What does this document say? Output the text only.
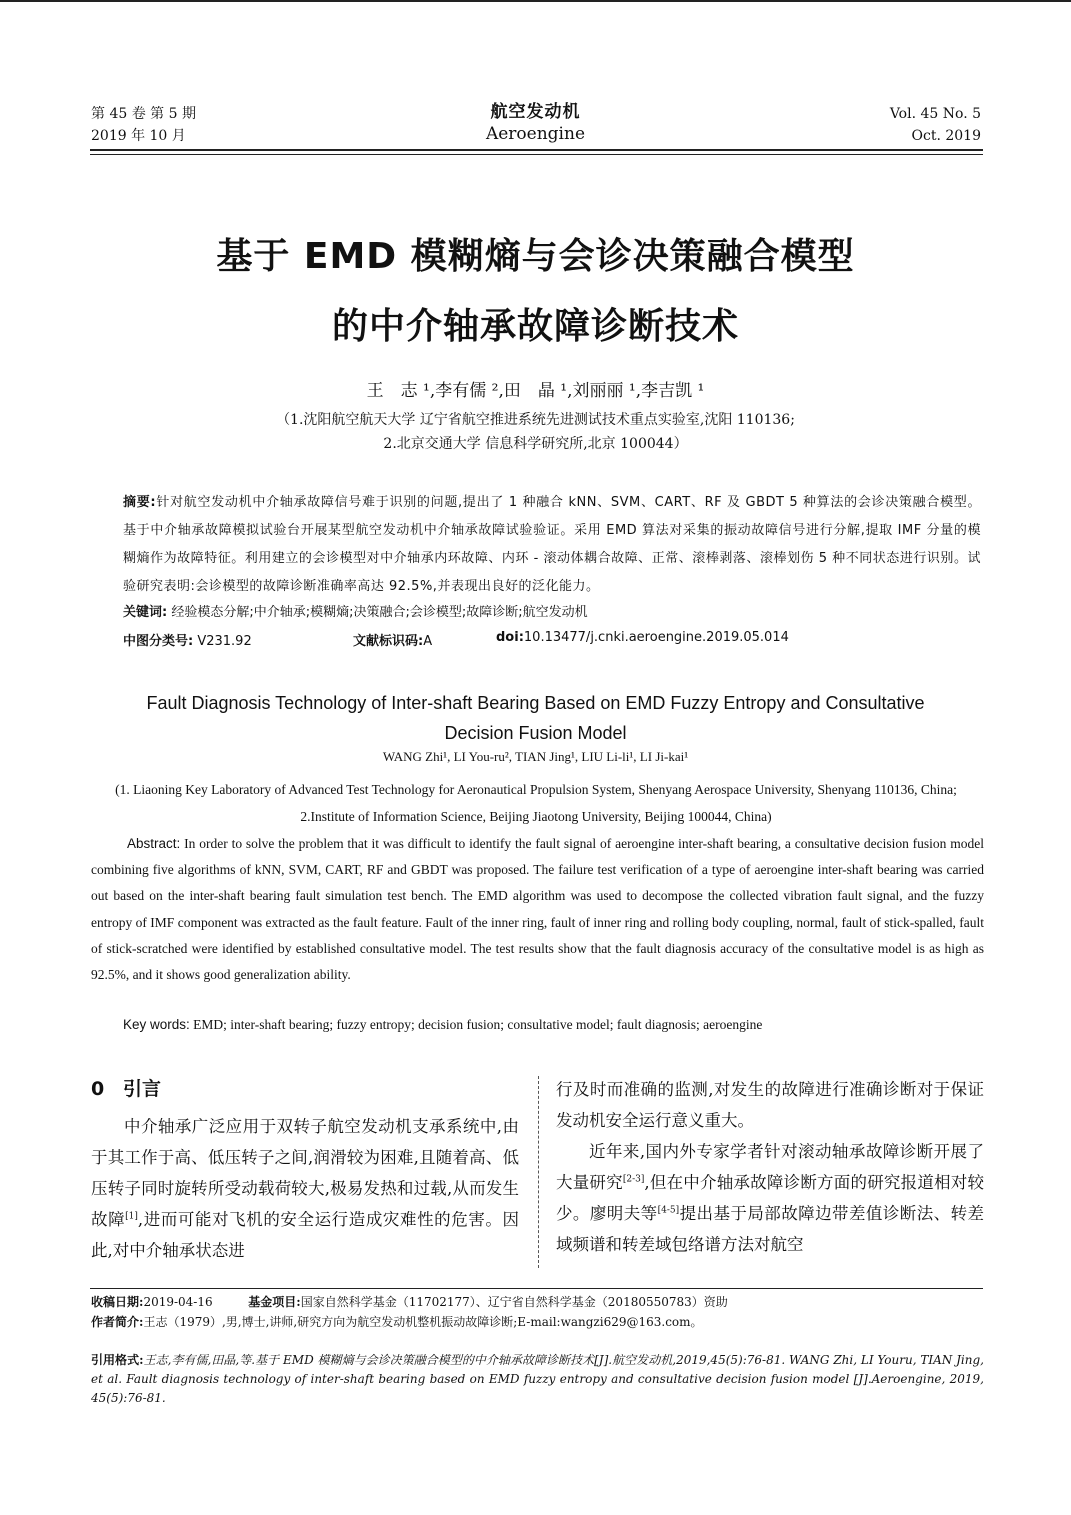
第 45 卷 第 5 期
2019 年 10 月
航空发动机
Aeroengine
Vol. 45 No. 5
Oct. 2019
基于 EMD 模糊熵与会诊决策融合模型
的中介轴承故障诊断技术
王　志 ¹,李有儒 ²,田　晶 ¹,刘丽丽 ¹,李吉凯 ¹
（1.沈阳航空航天大学 辽宁省航空推进系统先进测试技术重点实验室,沈阳 110136;
2.北京交通大学 信息科学研究所,北京 100044）
摘要:针对航空发动机中介轴承故障信号难于识别的问题,提出了 1 种融合 kNN、SVM、CART、RF 及 GBDT 5 种算法的会诊决策融合模型。基于中介轴承故障模拟试验台开展某型航空发动机中介轴承故障试验验证。采用 EMD 算法对采集的振动故障信号进行分解,提取 IMF 分量的模糊熵作为故障特征。利用建立的会诊模型对中介轴承内环故障、内环 - 滚动体耦合故障、正常、滚棒剥落、滚棒划伤 5 种不同状态进行识别。试验研究表明:会诊模型的故障诊断准确率高达 92.5%,并表现出良好的泛化能力。
关键词: 经验模态分解;中介轴承;模糊熵;决策融合;会诊模型;故障诊断;航空发动机
中图分类号: V231.92	文献标识码:A	doi:10.13477/j.cnki.aeroengine.2019.05.014
Fault Diagnosis Technology of Inter-shaft Bearing Based on EMD Fuzzy Entropy and Consultative
Decision Fusion Model
WANG Zhi¹, LI You-ru², TIAN Jing¹, LIU Li-li¹, LI Ji-kai¹
(1. Liaoning Key Laboratory of Advanced Test Technology for Aeronautical Propulsion System, Shenyang Aerospace University, Shenyang 110136, China; 2.Institute of Information Science, Beijing Jiaotong University, Beijing 100044, China)
Abstract: In order to solve the problem that it was difficult to identify the fault signal of aeroengine inter-shaft bearing, a consultative decision fusion model combining five algorithms of kNN, SVM, CART, RF and GBDT was proposed. The failure test verification of a type of aeroengine inter-shaft bearing was carried out based on the inter-shaft bearing fault simulation test bench. The EMD algorithm was used to decompose the collected vibration fault signal, and the fuzzy entropy of IMF component was extracted as the fault feature. Fault of the inner ring, fault of inner ring and rolling body coupling, normal, fault of stick-spalled, fault of stick-scratched were identified by established consultative model. The test results show that the fault diagnosis accuracy of the consultative model is as high as 92.5%, and it shows good generalization ability.
Key words: EMD; inter-shaft bearing; fuzzy entropy; decision fusion; consultative model; fault diagnosis; aeroengine
0 引言
中介轴承广泛应用于双转子航空发动机支承系统中,由于其工作于高、低压转子之间,润滑较为困难,且随着高、低压转子同时旋转所受动载荷较大,极易发热和过载,从而发生故障[1],进而可能对飞机的安全运行造成灾难性的危害。因此,对中介轴承状态进
行及时而准确的监测,对发生的故障进行准确诊断对于保证发动机安全运行意义重大。
近年来,国内外专家学者针对滚动轴承故障诊断开展了大量研究[2-3],但在中介轴承故障诊断方面的研究报道相对较少。廖明夫等[4-5]提出基于局部故障边带差值诊断法、转差域频谱和转差域包络谱方法对航空
收稿日期:2019-04-16	基金项目:国家自然科学基金（11702177）、辽宁省自然科学基金（20180550783）资助
作者简介:王志（1979）,男,博士,讲师,研究方向为航空发动机整机振动故障诊断;E-mail:wangzi629@163.com。
引用格式:王志,李有儒,田晶,等.基于 EMD 模糊熵与会诊决策融合模型的中介轴承故障诊断技术[J].航空发动机,2019,45(5):76-81. WANG Zhi, LI Youru, TIAN Jing, et al. Fault diagnosis technology of inter-shaft bearing based on EMD fuzzy entropy and consultative decision fusion model [J].Aeroengine, 2019, 45(5):76-81.
